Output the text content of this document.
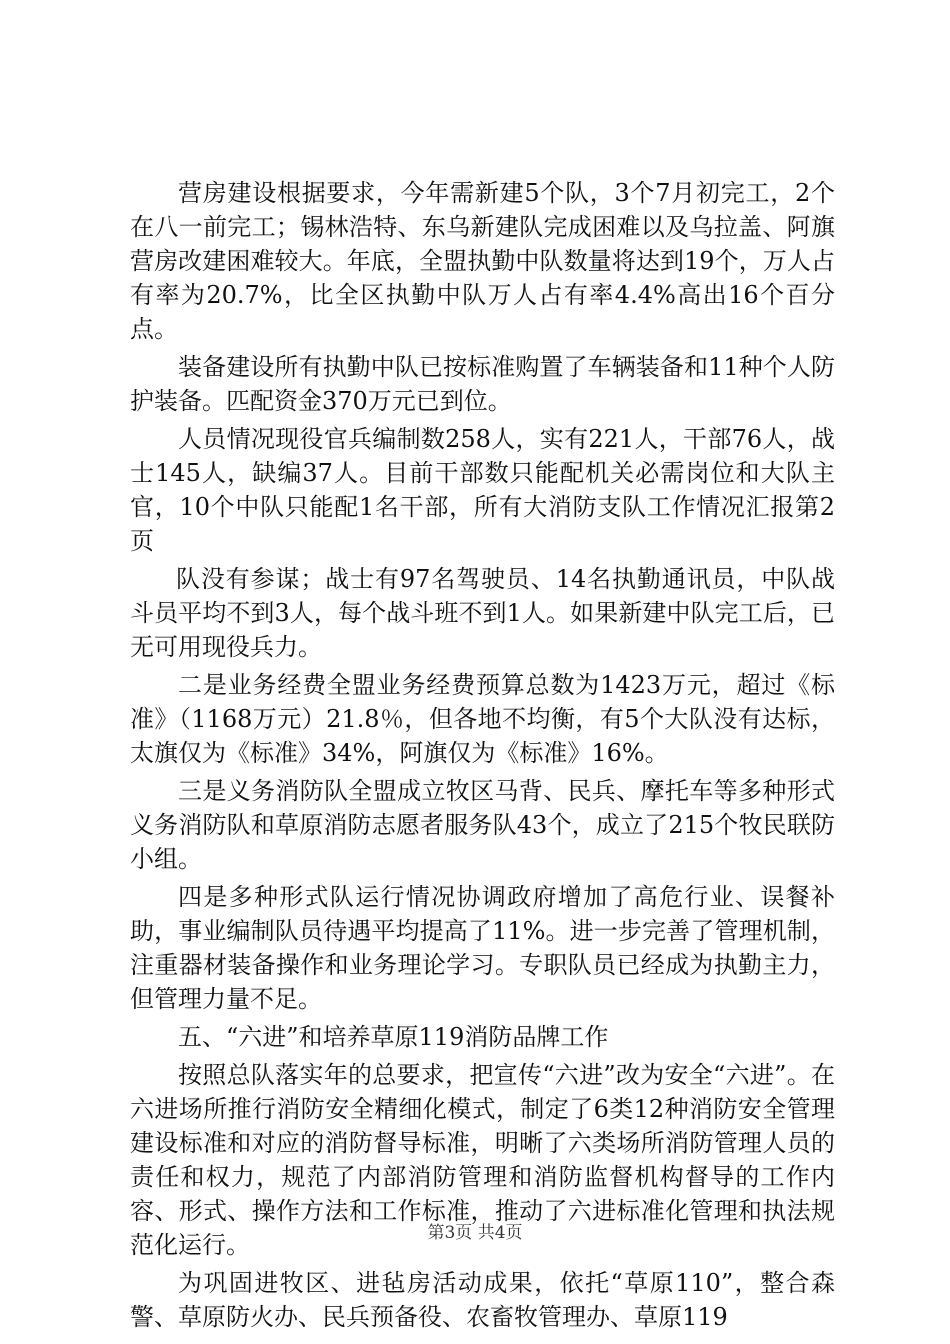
营房建设根据要求，今年需新建5个队，3个7月初完工，2个在八一前完工；锡林浩特、东乌新建队完成困难以及乌拉盖、阿旗营房改建困难较大。年底，全盟执勤中队数量将达到19个，万人占有率为20.7%，比全区执勤中队万人占有率4.4%高出16个百分点。

装备建设所有执勤中队已按标准购置了车辆装备和11种个人防护装备。匹配资金370万元已到位。

人员情况现役官兵编制数258人，实有221人，干部76人，战士145人，缺编37人。目前干部数只能配机关必需岗位和大队主官，10个中队只能配1名干部，所有大消防支队工作情况汇报第2页

队没有参谋；战士有97名驾驶员、14名执勤通讯员，中队战斗员平均不到3人，每个战斗班不到1人。如果新建中队完工后，已无可用现役兵力。

二是业务经费全盟业务经费预算总数为1423万元，超过《标准》（1168万元）21.8％，但各地不均衡，有5个大队没有达标，太旗仅为《标准》34%，阿旗仅为《标准》16%。

三是义务消防队全盟成立牧区马背、民兵、摩托车等多种形式义务消防队和草原消防志愿者服务队43个，成立了215个牧民联防小组。

四是多种形式队运行情况协调政府增加了高危行业、误餐补助，事业编制队员待遇平均提高了11%。进一步完善了管理机制，注重器材装备操作和业务理论学习。专职队员已经成为执勤主力，但管理力量不足。

五、“六进”和培养草原119消防品牌工作

按照总队落实年的总要求，把宣传“六进”改为安全“六进”。在六进场所推行消防安全精细化模式，制定了6类12种消防安全管理建设标准和对应的消防督导标准，明晰了六类场所消防管理人员的责任和权力，规范了内部消防管理和消防监督机构督导的工作内容、形式、操作方法和工作标准，推动了六进标准化管理和执法规范化运行。

为巩固进牧区、进毡房活动成果，依托“草原110”，整合森警、草原防火办、民兵预备役、农畜牧管理办、草原119

第3页 共4页
